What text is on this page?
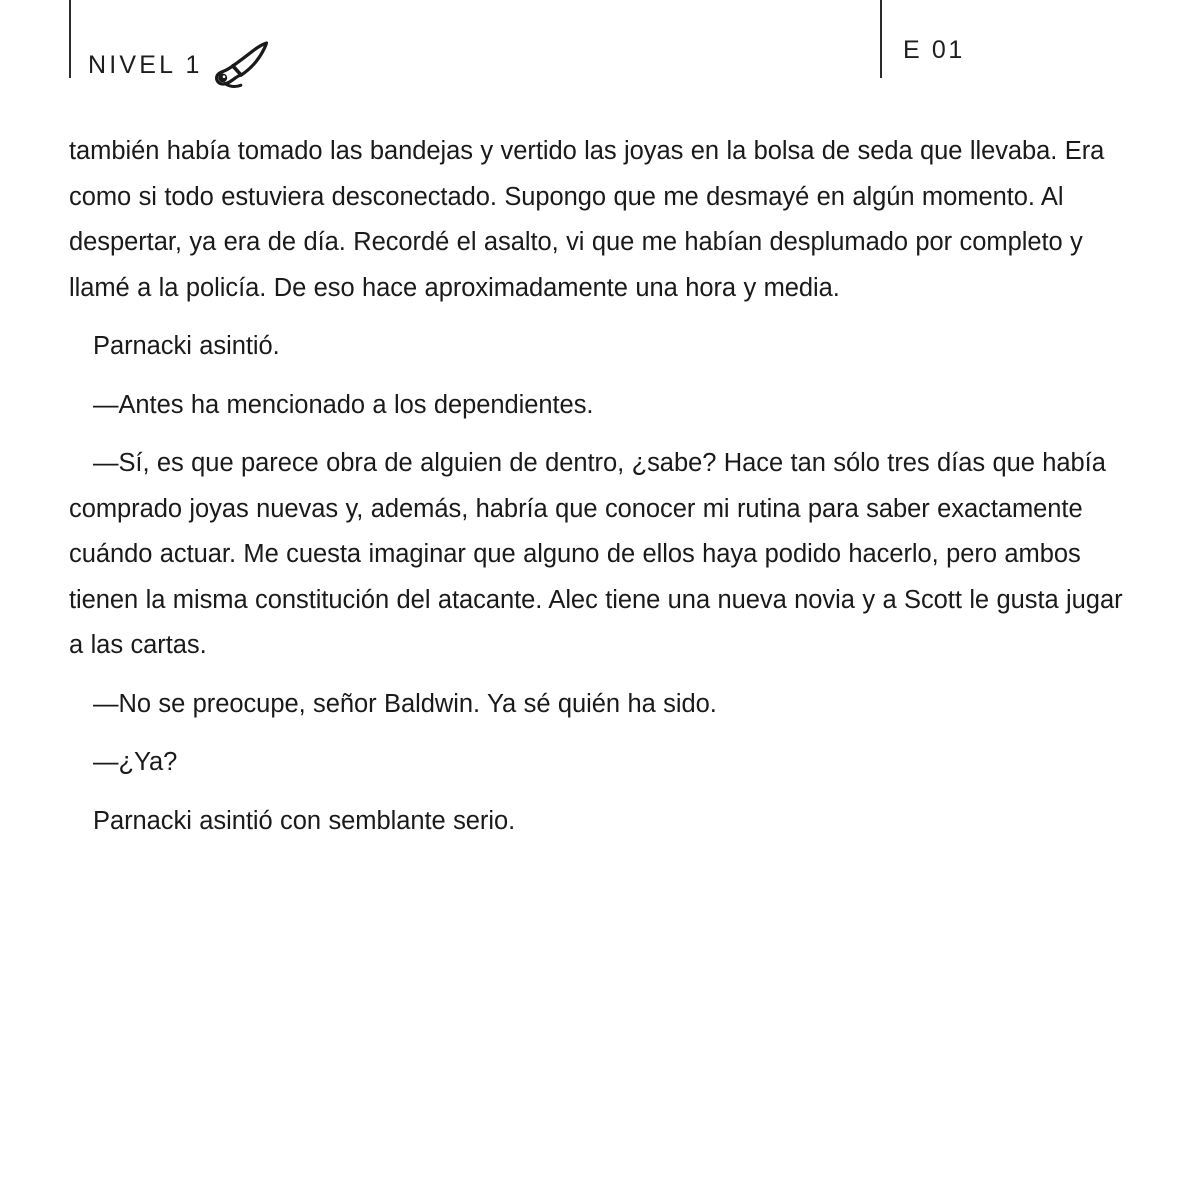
NIVEL 1
E 01

también había tomado las bandejas y vertido las joyas en la bolsa de seda que llevaba. Era como si todo estuviera desconectado. Supongo que me desmayé en algún momento. Al despertar, ya era de día. Recordé el asalto, vi que me habían desplumado por completo y llamé a la policía. De eso hace aproximadamente una hora y media.

Parnacki asintió.

—Antes ha mencionado a los dependientes.

—Sí, es que parece obra de alguien de dentro, ¿sabe? Hace tan sólo tres días que había comprado joyas nuevas y, además, habría que conocer mi rutina para saber exactamente cuándo actuar. Me cuesta imaginar que alguno de ellos haya podido hacerlo, pero ambos tienen la misma constitución del atacante. Alec tiene una nueva novia y a Scott le gusta jugar a las cartas.

—No se preocupe, señor Baldwin. Ya sé quién ha sido.

—¿Ya?

Parnacki asintió con semblante serio.
